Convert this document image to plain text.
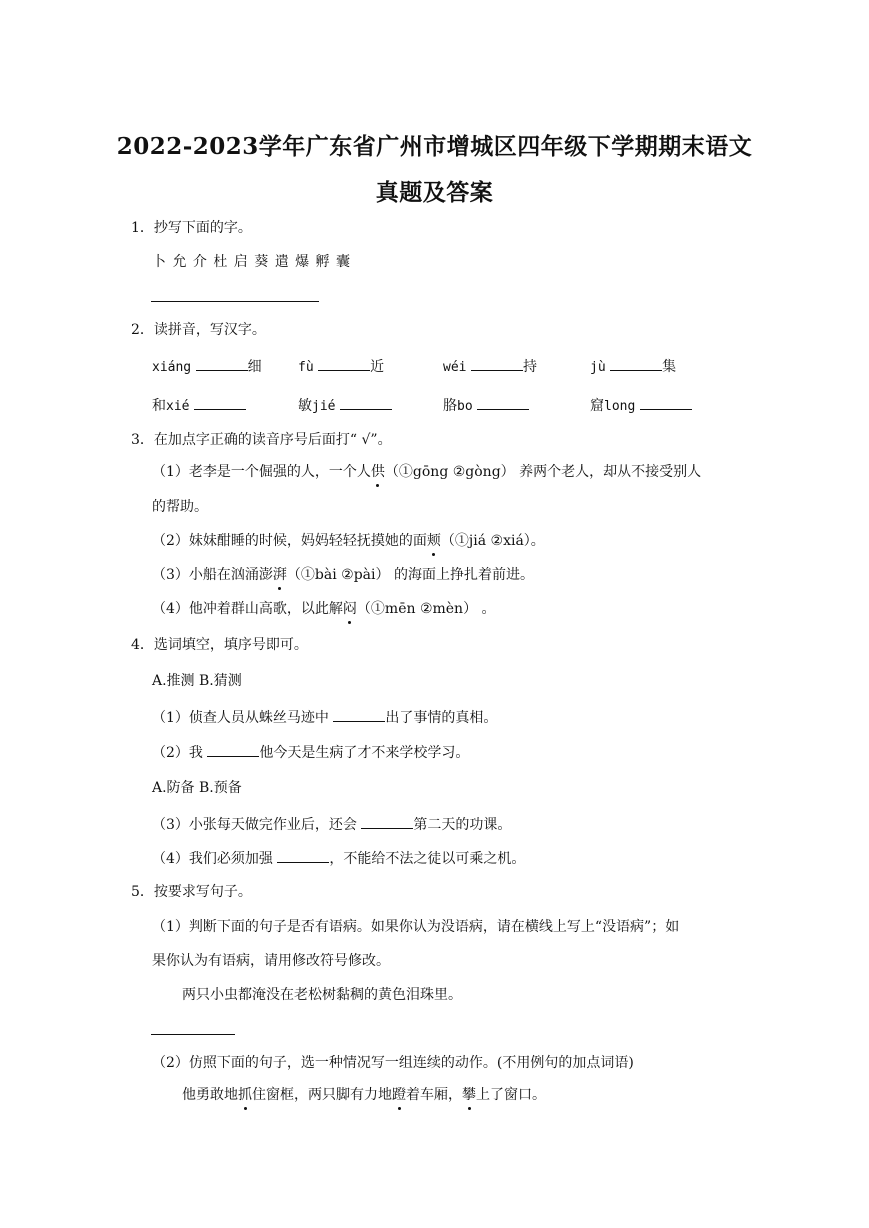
2022-2023学年广东省广州市增城区四年级下学期期末语文
真题及答案
1．抄写下面的字。
卜 允 介 杜 启 葵 遣 爆 孵 囊
2．读拼音，写汉字。
xiáng	细	fù	近	wéi	持	jù	集
和xié	敏jié	胳bo	窟long
3．在加点字正确的读音序号后面打“ √”。
（1）老李是一个倔强的人，一个人供（①gōng ②gòng） 养两个老人，却从不接受别人
的帮助。
（2）妹妹酣睡的时候，妈妈轻轻抚摸她的面颊（①jiá ②xiá）。
（3）小船在汹涌澎湃（①bài ②pài） 的海面上挣扎着前进。
（4）他冲着群山高歌，以此解闷（①mēn ②mèn） 。
4．选词填空，填序号即可。
A.推测 B.猜测
（1）侦查人员从蛛丝马迹中	出了事情的真相。
（2）我	他今天是生病了才不来学校学习。
A.防备 B.预备
（3）小张每天做完作业后，还会	第二天的功课。
（4）我们必须加强	，不能给不法之徒以可乘之机。
5．按要求写句子。
（1）判断下面的句子是否有语病。如果你认为没语病，请在横线上写上“没语病”；如
果你认为有语病，请用修改符号修改。
两只小虫都淹没在老松树黏稠的黄色泪珠里。
（2）仿照下面的句子，选一种情况写一组连续的动作。(不用例句的加点词语)
他勇敢地抓住窗框，两只脚有力地蹬着车厢，攀上了窗口。
